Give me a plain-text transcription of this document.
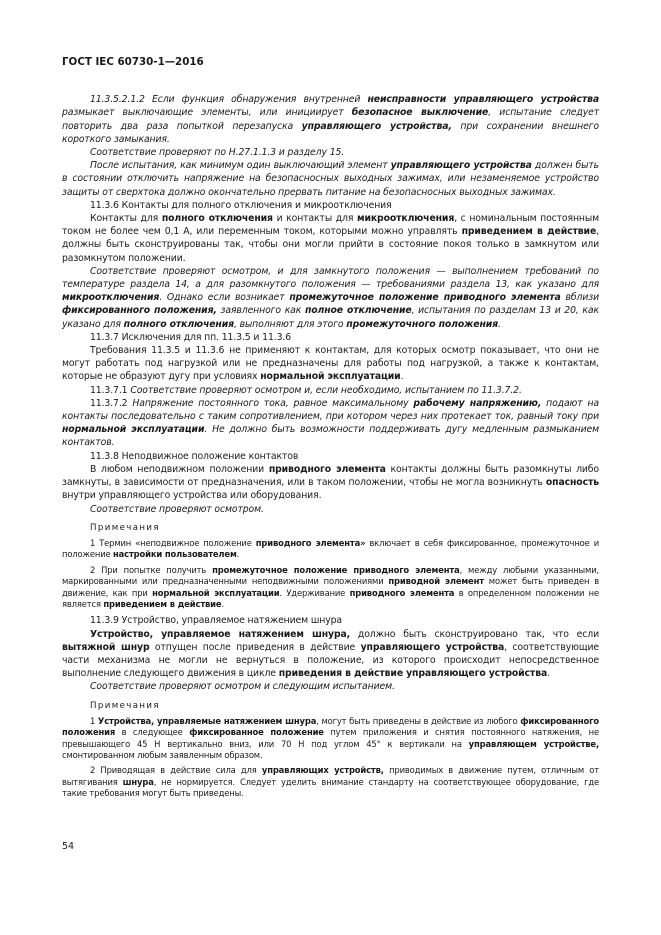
ГОСТ IEC 60730-1—2016

11.3.5.2.1.2 Если функция обнаружения внутренней неисправности управляющего устройства размыкает выключающие элементы, или инициирует безопасное выключение, испытание следует повторить два раза попыткой перезапуска управляющего устройства, при сохранении внешнего короткого замыкания.

Соответствие проверяют по Н.27.1.1.3 и разделу 15.

После испытания, как минимум один выключающий элемент управляющего устройства должен быть в состоянии отключить напряжение на безопасносных выходных зажимах, или незаменяемое устройство защиты от сверхтока должно окончательно прервать питание на безопасносных выходных зажимах.

11.3.6 Контакты для полного отключения и микроотключения

Контакты для полного отключения и контакты для микроотключения, с номинальным постоянным током не более чем 0,1 А, или переменным током, которыми можно управлять приведением в действие, должны быть сконструированы так, чтобы они могли прийти в состояние покоя только в замкнутом или разомкнутом положении.

Соответствие проверяют осмотром, и для замкнутого положения — выполнением требований по температуре раздела 14, а для разомкнутого положения — требованиями раздела 13, как указано для микроотключения. Однако если возникает промежуточное положение приводного элемента вблизи фиксированного положения, заявленного как полное отключение, испытания по разделам 13 и 20, как указано для полного отключения, выполняют для этого промежуточного положения.

11.3.7 Исключения для пп. 11.3.5 и 11.3.6

Требования 11.3.5 и 11.3.6 не применяют к контактам, для которых осмотр показывает, что они не могут работать под нагрузкой или не предназначены для работы под нагрузкой, а также к контактам, которые не образуют дугу при условиях нормальной эксплуатации.

11.3.7.1 Соответствие проверяют осмотром и, если необходимо, испытанием по 11.3.7.2.

11.3.7.2 Напряжение постоянного тока, равное максимальному рабочему напряжению, подают на контакты последовательно с таким сопротивлением, при котором через них протекает ток, равный току при нормальной эксплуатации. Не должно быть возможности поддерживать дугу медленным размыканием контактов.

11.3.8 Неподвижное положение контактов

В любом неподвижном положении приводного элемента контакты должны быть разомкнуты либо замкнуты, в зависимости от предназначения, или в таком положении, чтобы не могла возникнуть опасность внутри управляющего устройства или оборудования.

Соответствие проверяют осмотром.

Примечания

1 Термин «неподвижное положение приводного элемента» включает в себя фиксированное, промежуточное и положение настройки пользователем.

2 При попытке получить промежуточное положение приводного элемента, между любыми указанными, маркированными или предназначенными неподвижными положениями приводной элемент может быть приведен в движение, как при нормальной эксплуатации. Удерживание приводного элемента в определенном положении не является приведением в действие.

11.3.9 Устройство, управляемое натяжением шнура

Устройство, управляемое натяжением шнура, должно быть сконструировано так, что если вытяжной шнур отпущен после приведения в действие управляющего устройства, соответствующие части механизма не могли не вернуться в положение, из которого происходит непосредственное выполнение следующего движения в цикле приведения в действие управляющего устройства.

Соответствие проверяют осмотром и следующим испытанием.

Примечания

1 Устройства, управляемые натяжением шнура, могут быть приведены в действие из любого фиксированного положения в следующее фиксированное положение путем приложения и снятия постоянного натяжения, не превышающего 45 Н вертикально вниз, или 70 Н под углом 45° к вертикали на управляющем устройстве, смонтированном любым заявленным образом.

2 Приводящая в действие сила для управляющих устройств, приводимых в движение путем, отличным от вытягивания шнура, не нормируется. Следует уделить внимание стандарту на соответствующее оборудование, где такие требования могут быть приведены.

54
